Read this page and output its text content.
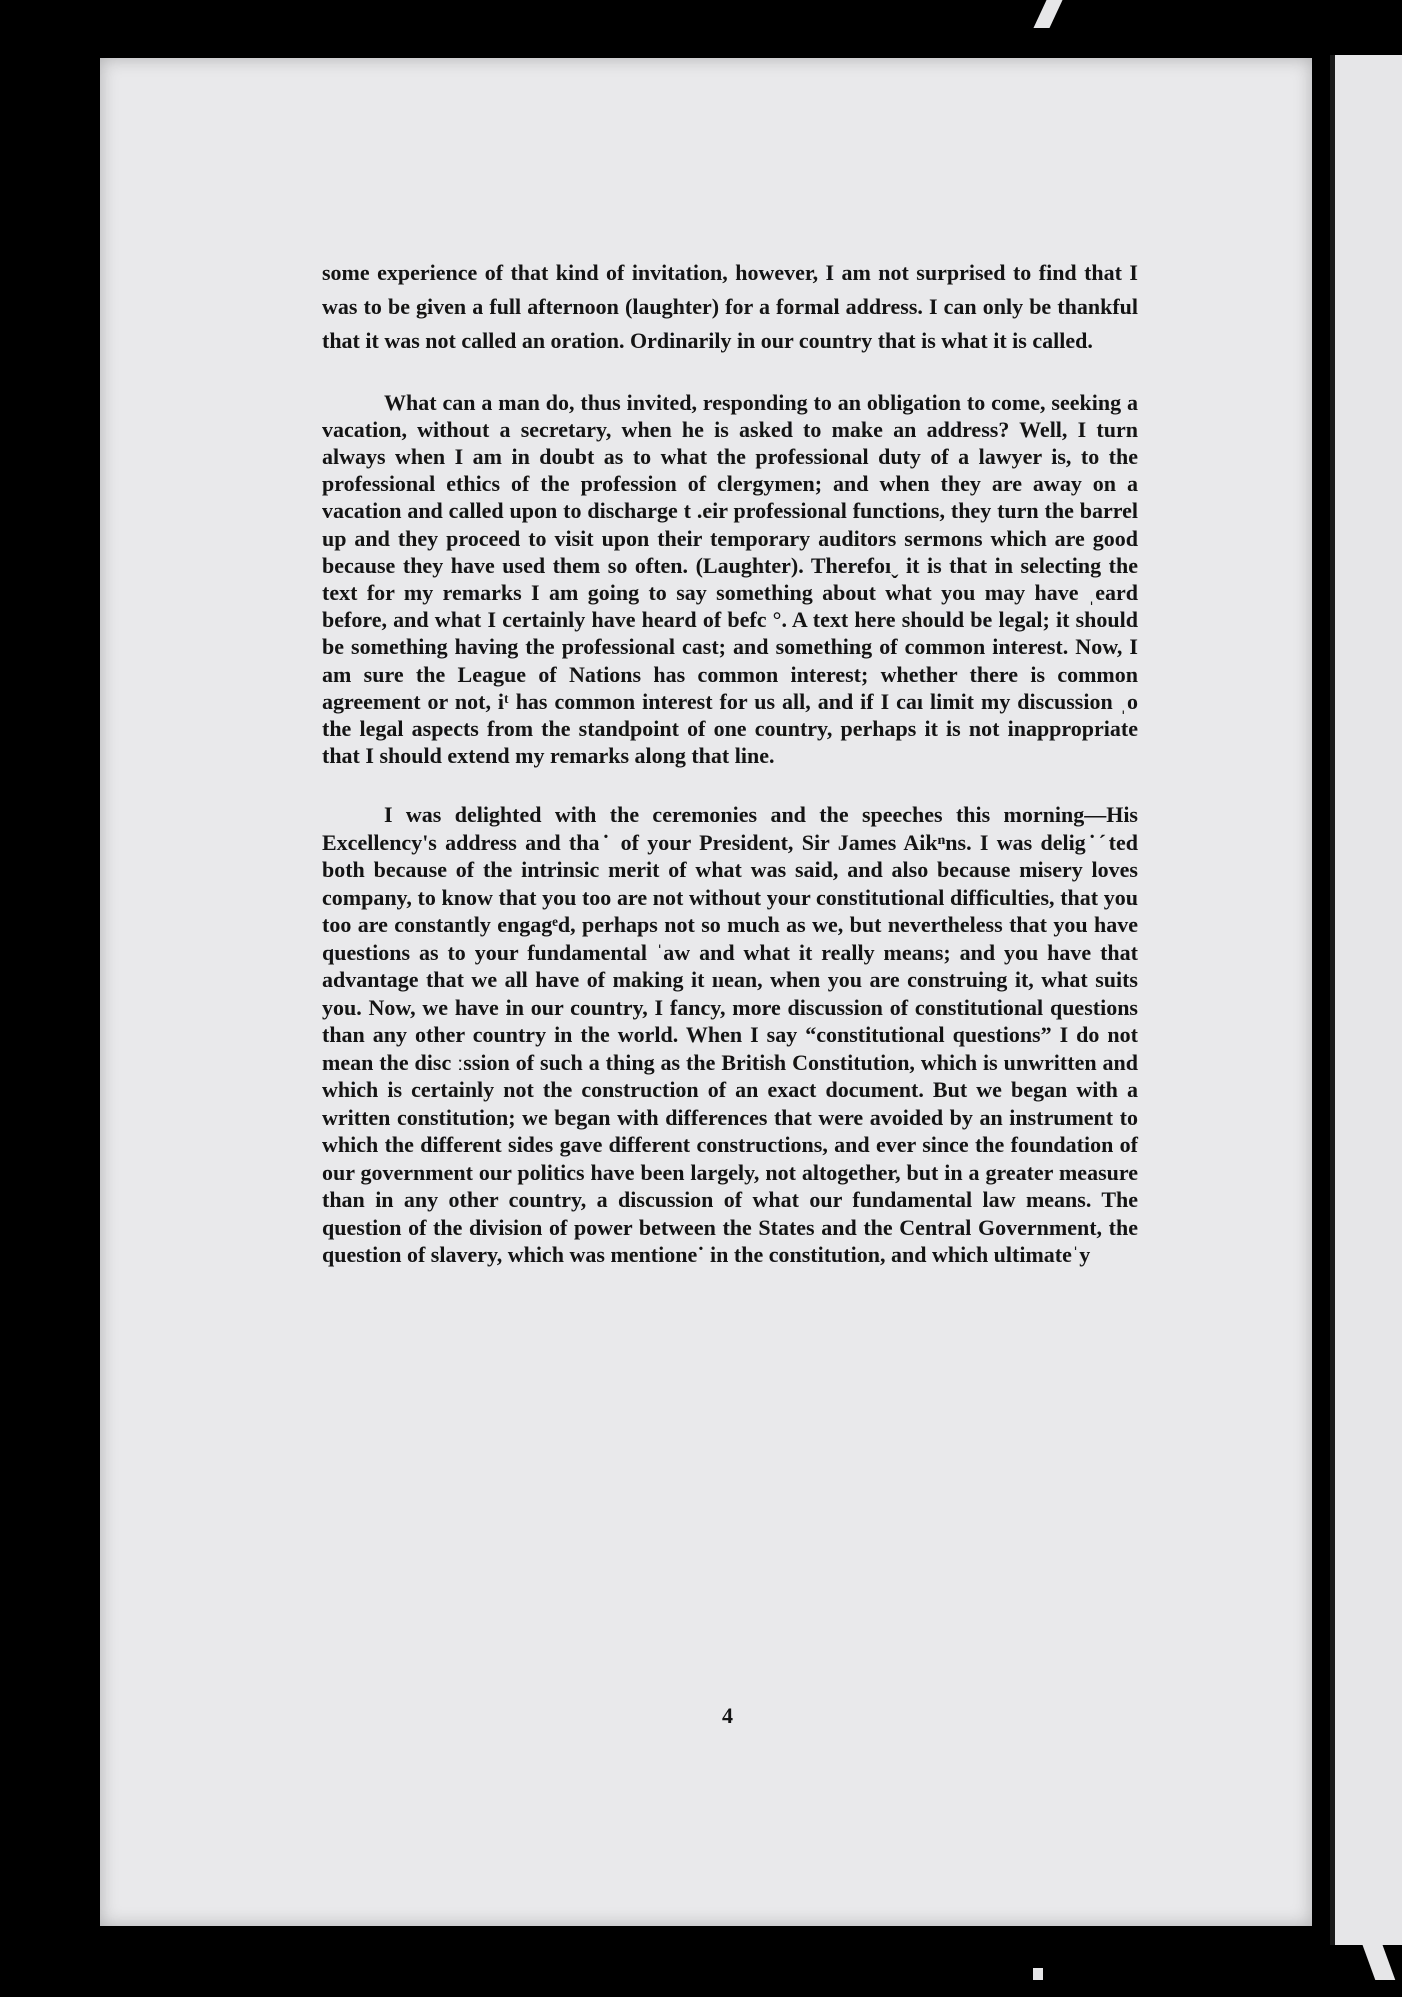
some experience of that kind of invitation, however, I am not surprised to find that I was to be given a full afternoon (laughter) for a formal address. I can only be thankful that it was not called an oration. Ordinarily in our country that is what it is called.

What can a man do, thus invited, responding to an obligation to come, seeking a vacation, without a secretary, when he is asked to make an address? Well, I turn always when I am in doubt as to what the professional duty of a lawyer is, to the professional ethics of the profession of clergymen; and when they are away on a vacation and called upon to discharge t .eir professional functions, they turn the barrel up and they proceed to visit upon their temporary auditors sermons which are good because they have used them so often. (Laughter). Therefoıˬ it is that in selecting the text for my remarks I am going to say something about what you may have ˌeard before, and what I certainly have heard of befc °. A text here should be legal; it should be something having the professional cast; and something of common interest. Now, I am sure the League of Nations has common interest; whether there is common agreement or not, iᵗ has common interest for us all, and if I caı limit my discussion ˌo the legal aspects from the standpoint of one country, perhaps it is not inappropriate that I should extend my remarks along that line.

I was delighted with the ceremonies and the speeches this morning—His Excellency's address and tha˙ of your President, Sir James Aikⁿns. I was delig˙ˊted both because of the intrinsic merit of what was said, and also because misery loves company, to know that you too are not without your constitutional difficulties, that you too are constantly engagᵉd, perhaps not so much as we, but nevertheless that you have questions as to your fundamental ˈaw and what it really means; and you have that advantage that we all have of making it ııean, when you are construing it, what suits you. Now, we have in our country, I fancy, more discussion of constitutional questions than any other country in the world. When I say “constitutional questions” I do not mean the disc ːssion of such a thing as the British Constitution, which is unwritten and which is certainly not the construction of an exact document. But we began with a written constitution; we began with differences that were avoided by an instrument to which the different sides gave different constructions, and ever since the foundation of our government our politics have been largely, not altogether, but in a greater measure than in any other country, a discussion of what our fundamental law means. The question of the division of power between the States and the Central Government, the question of slavery, which was mentione˙ in the constitution, and which ultimateˈy

4
